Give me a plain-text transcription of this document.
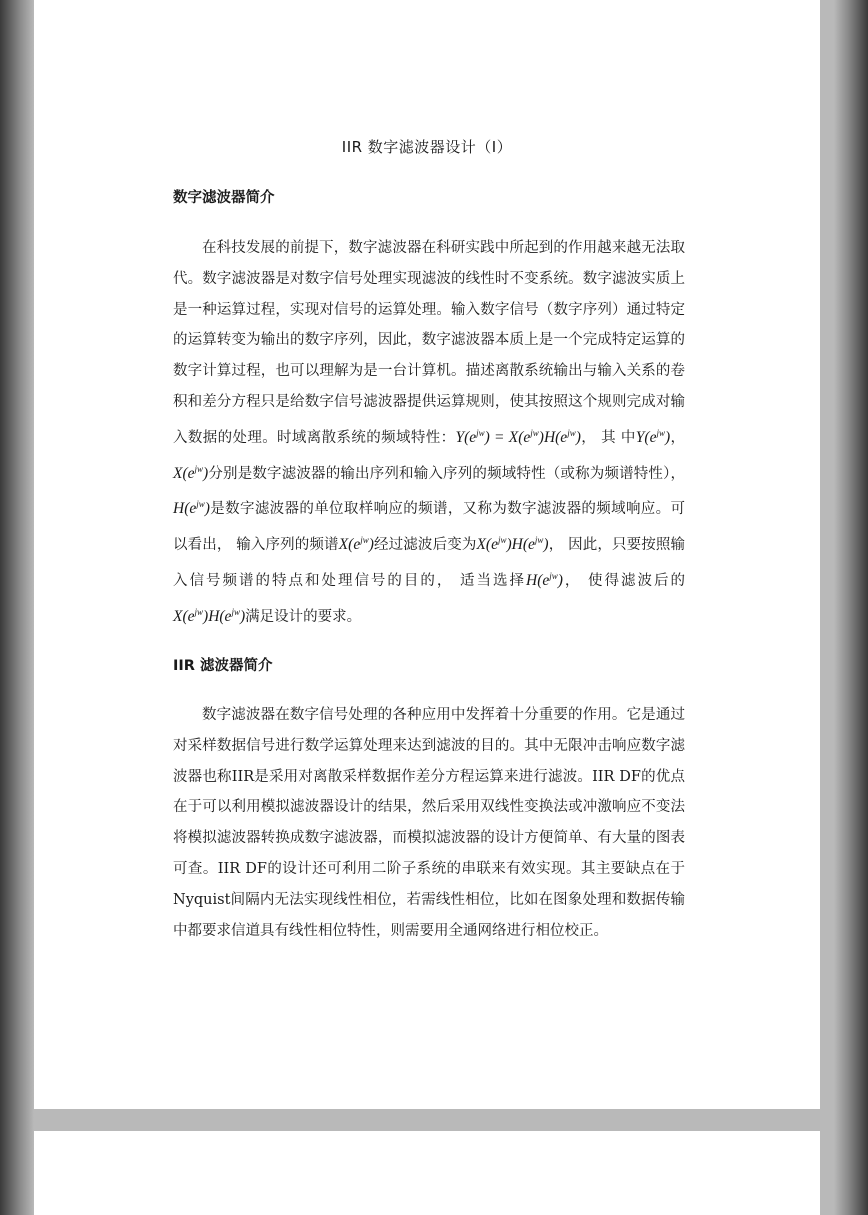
IIR 数字滤波器设计（Ⅰ）
数字滤波器简介

在科技发展的前提下，数字滤波器在科研实践中所起到的作用越来越无法取代。数字滤波器是对数字信号处理实现滤波的线性时不变系统。数字滤波实质上是一种运算过程，实现对信号的运算处理。输入数字信号（数字序列）通过特定的运算转变为输出的数字序列，因此，数字滤波器本质上是一个完成特定运算的数字计算过程，也可以理解为是一台计算机。描述离散系统输出与输入关系的卷积和差分方程只是给数字信号滤波器提供运算规则，使其按照这个规则完成对输入数据的处理。时域离散系统的频域特性：$Y(e^{jw}) = X(e^{jw})H(e^{jw})$， 其 中$Y(e^{jw})$，$X(e^{jw})$分别是数字滤波器的输出序列和输入序列的频域特性（或称为频谱特性），$H(e^{jw})$是数字滤波器的单位取样响应的频谱，又称为数字滤波器的频域响应。可以看出， 输入序列的频谱$X(e^{jw})$经过滤波后变为$X(e^{jw})H(e^{jw})$， 因此，只要按照输入信号频谱的特点和处理信号的目的， 适当选择$H(e^{jw})$， 使得滤波后的$X(e^{jw})H(e^{jw})$满足设计的要求。

IIR 滤波器简介

数字滤波器在数字信号处理的各种应用中发挥着十分重要的作用。它是通过对采样数据信号进行数学运算处理来达到滤波的目的。其中无限冲击响应数字滤波器也称IIR是采用对离散采样数据作差分方程运算来进行滤波。IIR DF的优点在于可以利用模拟滤波器设计的结果，然后采用双线性变换法或冲激响应不变法将模拟滤波器转换成数字滤波器，而模拟滤波器的设计方便简单、有大量的图表可查。IIR DF的设计还可利用二阶子系统的串联来有效实现。其主要缺点在于Nyquist间隔内无法实现线性相位，若需线性相位，比如在图象处理和数据传输中都要求信道具有线性相位特性，则需要用全通网络进行相位校正。
